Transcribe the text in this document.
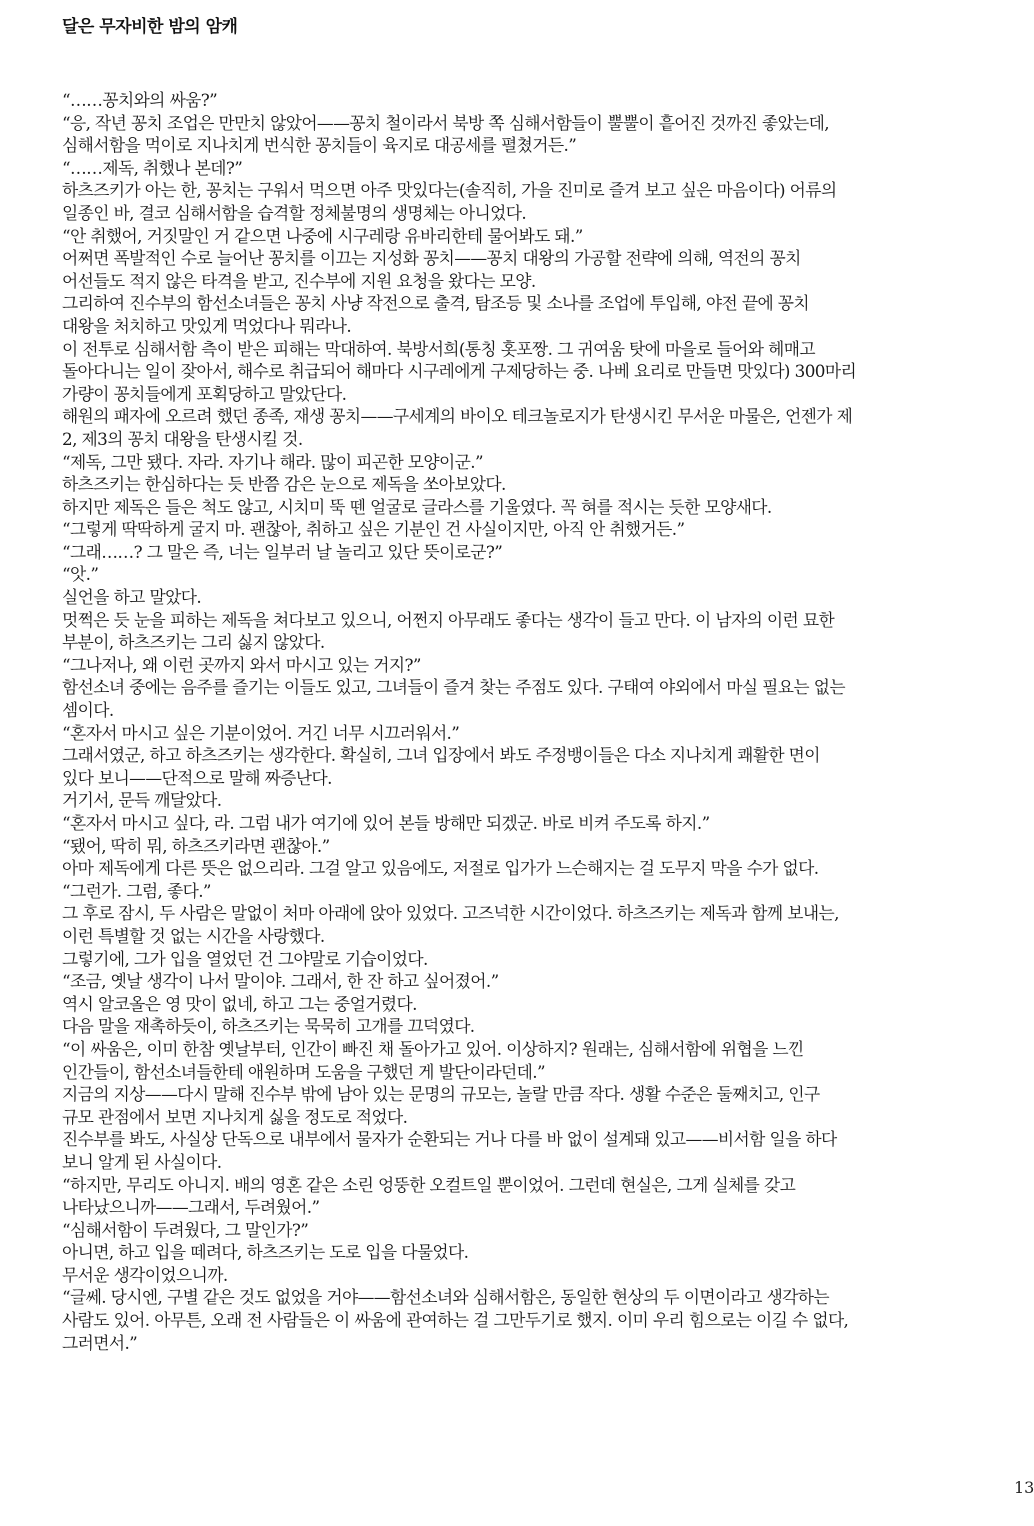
달은 무자비한 밤의 암캐
“……꽁치와의 싸움?”
“응, 작년 꽁치 조업은 만만치 않았어——꽁치 철이라서 북방 쪽 심해서함들이 뿔뿔이 흩어진 것까진 좋았는데,
심해서함을 먹이로 지나치게 번식한 꽁치들이 육지로 대공세를 펼쳤거든.”
“……제독, 취했나 본데?”
하츠즈키가 아는 한, 꽁치는 구워서 먹으면 아주 맛있다는(솔직히, 가을 진미로 즐겨 보고 싶은 마음이다) 어류의
일종인 바, 결코 심해서함을 습격할 정체불명의 생명체는 아니었다.
“안 취했어, 거짓말인 거 같으면 나중에 시구레랑 유바리한테 물어봐도 돼.”
어쩌면 폭발적인 수로 늘어난 꽁치를 이끄는 지성화 꽁치——꽁치 대왕의 가공할 전략에 의해, 역전의 꽁치
어선들도 적지 않은 타격을 받고, 진수부에 지원 요청을 왔다는 모양.
그리하여 진수부의 함선소녀들은 꽁치 사냥 작전으로 출격, 탐조등 및 소나를 조업에 투입해, 야전 끝에 꽁치
대왕을 처치하고 맛있게 먹었다나 뭐라나.
이 전투로 심해서함 측이 받은 피해는 막대하여. 북방서희(통칭 홋포짱. 그 귀여움 탓에 마을로 들어와 헤매고
돌아다니는 일이 잦아서, 해수로 취급되어 해마다 시구레에게 구제당하는 중. 나베 요리로 만들면 맛있다) 300마리
가량이 꽁치들에게 포획당하고 말았단다.
해원의 패자에 오르려 했던 종족, 재생 꽁치——구세계의 바이오 테크놀로지가 탄생시킨 무서운 마물은, 언젠가 제
2, 제3의 꽁치 대왕을 탄생시킬 것.
“제독, 그만 됐다. 자라. 자기나 해라. 많이 피곤한 모양이군.”
하츠즈키는 한심하다는 듯 반쯤 감은 눈으로 제독을 쏘아보았다.
하지만 제독은 들은 척도 않고, 시치미 뚝 뗀 얼굴로 글라스를 기울였다. 꼭 혀를 적시는 듯한 모양새다.
“그렇게 딱딱하게 굴지 마. 괜찮아, 취하고 싶은 기분인 건 사실이지만, 아직 안 취했거든.”
“그래……? 그 말은 즉, 너는 일부러 날 놀리고 있단 뜻이로군?”
“앗.”
실언을 하고 말았다.
멋쩍은 듯 눈을 피하는 제독을 쳐다보고 있으니, 어쩐지 아무래도 좋다는 생각이 들고 만다. 이 남자의 이런 묘한
부분이, 하츠즈키는 그리 싫지 않았다.
“그나저나, 왜 이런 곳까지 와서 마시고 있는 거지?”
함선소녀 중에는 음주를 즐기는 이들도 있고, 그녀들이 즐겨 찾는 주점도 있다. 구태여 야외에서 마실 필요는 없는
셈이다.
“혼자서 마시고 싶은 기분이었어. 거긴 너무 시끄러워서.”
그래서였군, 하고 하츠즈키는 생각한다. 확실히, 그녀 입장에서 봐도 주정뱅이들은 다소 지나치게 쾌활한 면이
있다 보니——단적으로 말해 짜증난다.
거기서, 문득 깨달았다.
“혼자서 마시고 싶다, 라. 그럼 내가 여기에 있어 본들 방해만 되겠군. 바로 비켜 주도록 하지.”
“됐어, 딱히 뭐, 하츠즈키라면 괜찮아.”
아마 제독에게 다른 뜻은 없으리라. 그걸 알고 있음에도, 저절로 입가가 느슨해지는 걸 도무지 막을 수가 없다.
“그런가. 그럼, 좋다.”
그 후로 잠시, 두 사람은 말없이 처마 아래에 앉아 있었다. 고즈넉한 시간이었다. 하츠즈키는 제독과 함께 보내는,
이런 특별할 것 없는 시간을 사랑했다.
그렇기에, 그가 입을 열었던 건 그야말로 기습이었다.
“조금, 옛날 생각이 나서 말이야. 그래서, 한 잔 하고 싶어졌어.”
역시 알코올은 영 맛이 없네, 하고 그는 중얼거렸다.
다음 말을 재촉하듯이, 하츠즈키는 묵묵히 고개를 끄덕였다.
“이 싸움은, 이미 한참 옛날부터, 인간이 빠진 채 돌아가고 있어. 이상하지? 원래는, 심해서함에 위협을 느낀
인간들이, 함선소녀들한테 애원하며 도움을 구했던 게 발단이라던데.”
지금의 지상——다시 말해 진수부 밖에 남아 있는 문명의 규모는, 놀랄 만큼 작다. 생활 수준은 둘째치고, 인구
규모 관점에서 보면 지나치게 싫을 정도로 적었다.
진수부를 봐도, 사실상 단독으로 내부에서 물자가 순환되는 거나 다를 바 없이 설계돼 있고——비서함 일을 하다
보니 알게 된 사실이다.
“하지만, 무리도 아니지. 배의 영혼 같은 소린 엉뚱한 오컬트일 뿐이었어. 그런데 현실은, 그게 실체를 갖고
나타났으니까——그래서, 두려웠어.”
“심해서함이 두려웠다, 그 말인가?”
아니면, 하고 입을 떼려다, 하츠즈키는 도로 입을 다물었다.
무서운 생각이었으니까.
“글쎄. 당시엔, 구별 같은 것도 없었을 거야——함선소녀와 심해서함은, 동일한 현상의 두 이면이라고 생각하는
사람도 있어. 아무튼, 오래 전 사람들은 이 싸움에 관여하는 걸 그만두기로 했지. 이미 우리 힘으로는 이길 수 없다,
그러면서.”
13
